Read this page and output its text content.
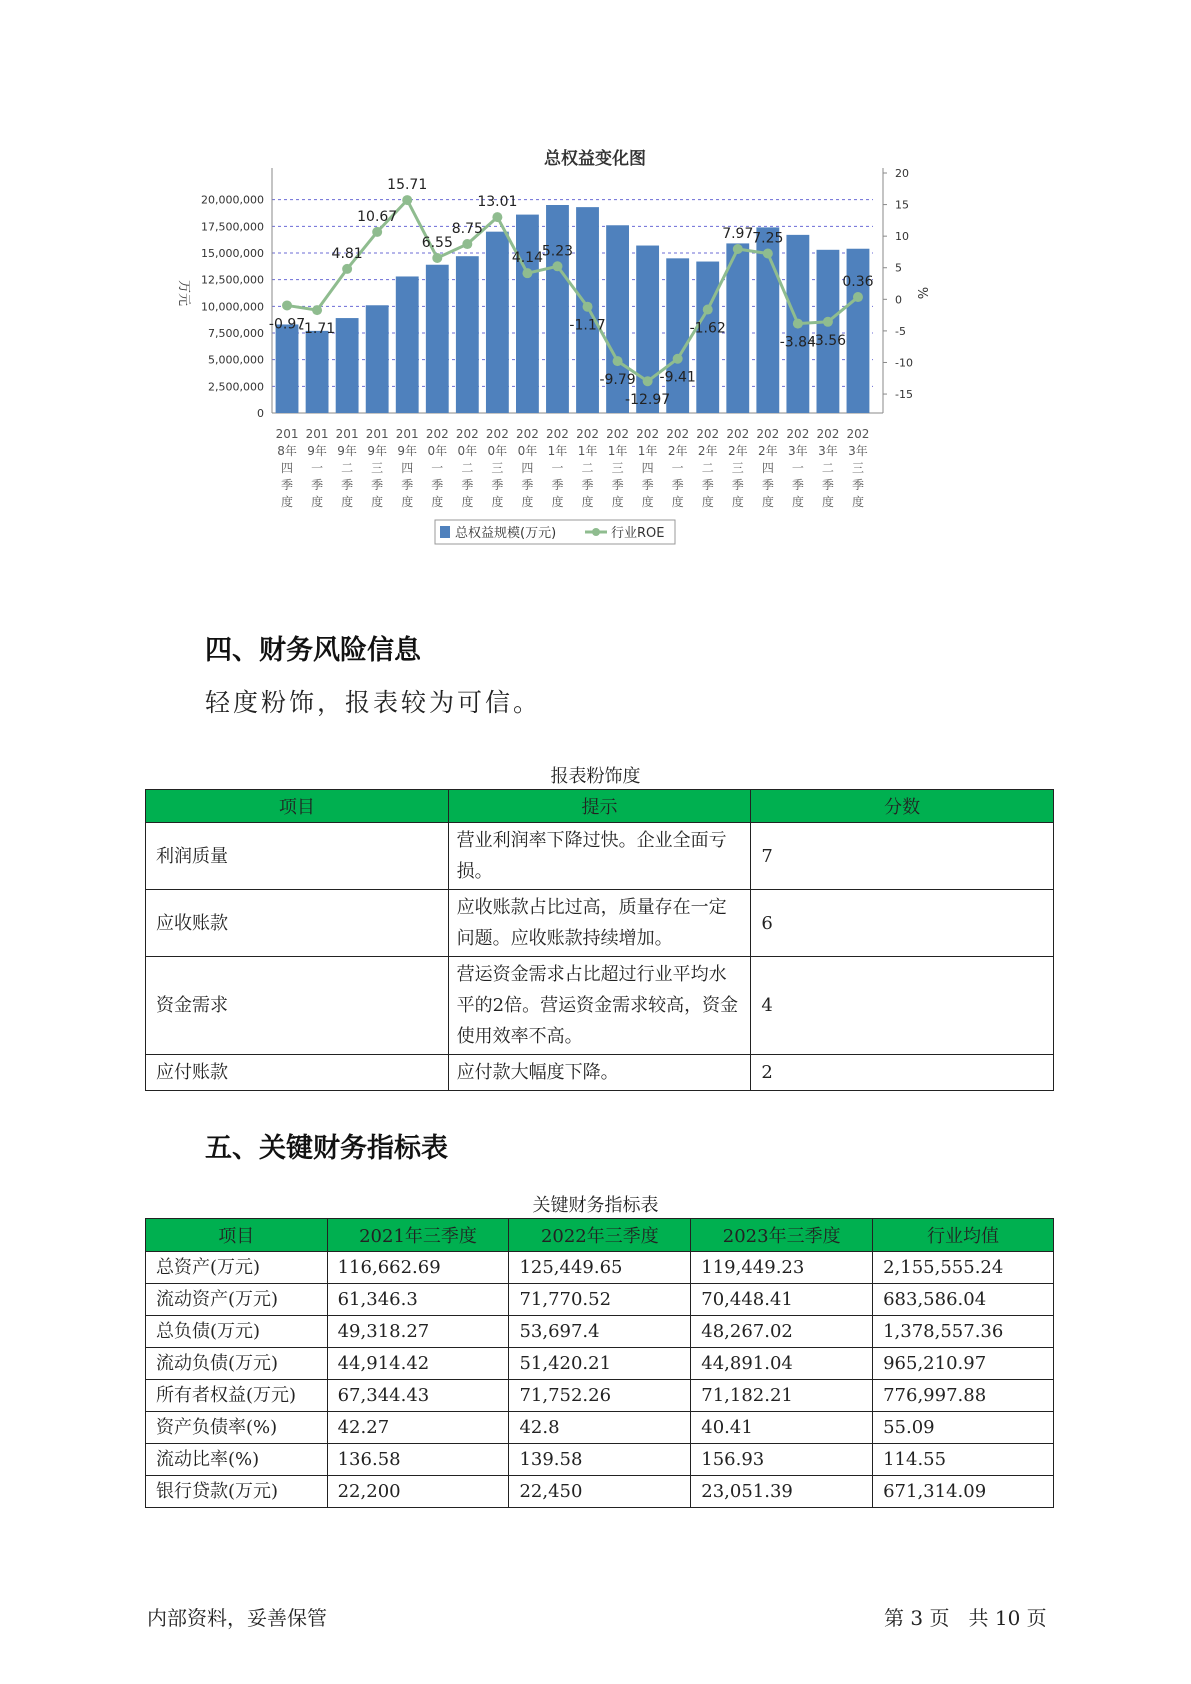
总权益变化图
0
2,500,000
5,000,000
7,500,000
10,000,000
12,500,000
15,000,000
17,500,000
20,000,000
-15
-10
-5
0
5
10
15
20
万元	%
201
8年
四
季
度
201
9年
一
季
度
201
9年
二
季
度
201
9年
三
季
度
201
9年
四
季
度
202
0年
一
季
度
202
0年
二
季
度
202
0年
三
季
度
202
0年
四
季
度
202
1年
一
季
度
202
1年
二
季
度
202
1年
三
季
度
202
1年
四
季
度
202
2年
一
季
度
202
2年
二
季
度
202
2年
三
季
度
202
2年
四
季
度
202
3年
一
季
度
202
3年
二
季
度
202
3年
三
季
度
-0.97
-1.71
4.81
10.67
15.71
6.55
8.75
13.01
4.14
5.23
-1.17
-9.79
-12.97
-9.41
-1.62
7.97
7.25
-3.84
-3.56
0.36
总权益规模(万元)	行业ROE
四、财务风险信息
轻度粉饰，报表较为可信。
报表粉饰度
项目	提示	分数
利润质量	营业利润率下降过快。企业全面亏损。	7
应收账款	应收账款占比过高，质量存在一定问题。应收账款持续增加。	6
资金需求	营运资金需求占比超过行业平均水平的2倍。营运资金需求较高，资金使用效率不高。	4
应付账款	应付款大幅度下降。	2
五、关键财务指标表
关键财务指标表
项目	2021年三季度	2022年三季度	2023年三季度	行业均值
总资产(万元)	116,662.69	125,449.65	119,449.23	2,155,555.24
流动资产(万元)	61,346.3	71,770.52	70,448.41	683,586.04
总负债(万元)	49,318.27	53,697.4	48,267.02	1,378,557.36
流动负债(万元)	44,914.42	51,420.21	44,891.04	965,210.97
所有者权益(万元)	67,344.43	71,752.26	71,182.21	776,997.88
资产负债率(%)	42.27	42.8	40.41	55.09
流动比率(%)	136.58	139.58	156.93	114.55
银行贷款(万元)	22,200	22,450	23,051.39	671,314.09
内部资料，妥善保管	第 3 页   共 10 页
